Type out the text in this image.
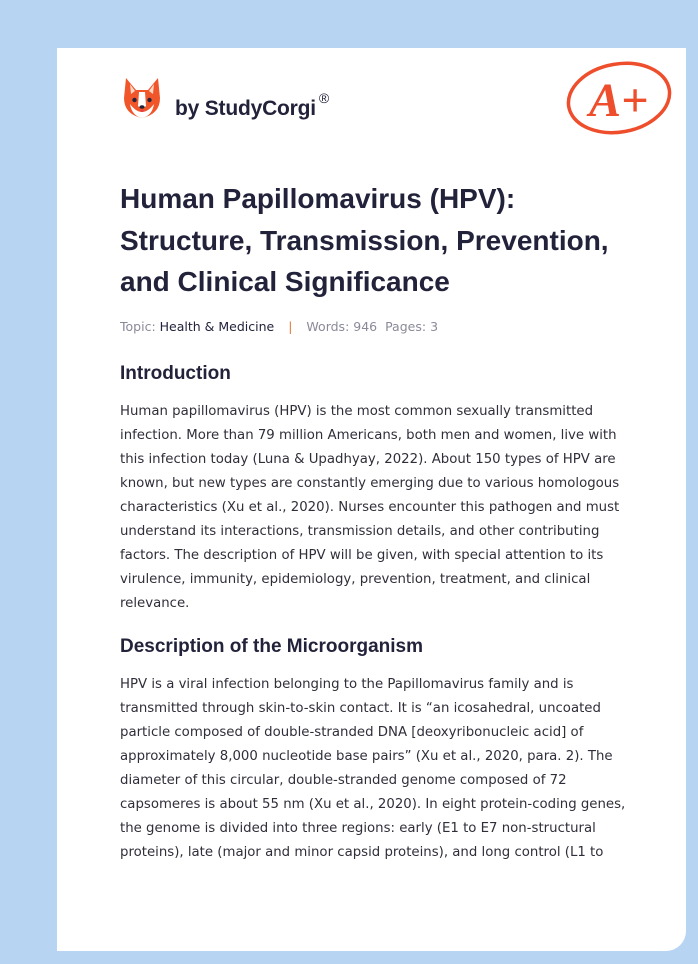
by StudyCorgi ®	A+
Human Papillomavirus (HPV): Structure, Transmission, Prevention, and Clinical Significance
Topic: Health & Medicine | Words: 946 Pages: 3
Introduction

Human papillomavirus (HPV) is the most common sexually transmitted infection. More than 79 million Americans, both men and women, live with this infection today (Luna & Upadhyay, 2022). About 150 types of HPV are known, but new types are constantly emerging due to various homologous characteristics (Xu et al., 2020). Nurses encounter this pathogen and must understand its interactions, transmission details, and other contributing factors. The description of HPV will be given, with special attention to its virulence, immunity, epidemiology, prevention, treatment, and clinical relevance.

Description of the Microorganism

HPV is a viral infection belonging to the Papillomavirus family and is transmitted through skin-to-skin contact. It is “an icosahedral, uncoated particle composed of double-stranded DNA [deoxyribonucleic acid] of approximately 8,000 nucleotide base pairs” (Xu et al., 2020, para. 2). The diameter of this circular, double-stranded genome composed of 72 capsomeres is about 55 nm (Xu et al., 2020). In eight protein-coding genes, the genome is divided into three regions: early (E1 to E7 non-structural proteins), late (major and minor capsid proteins), and long control (L1 to
